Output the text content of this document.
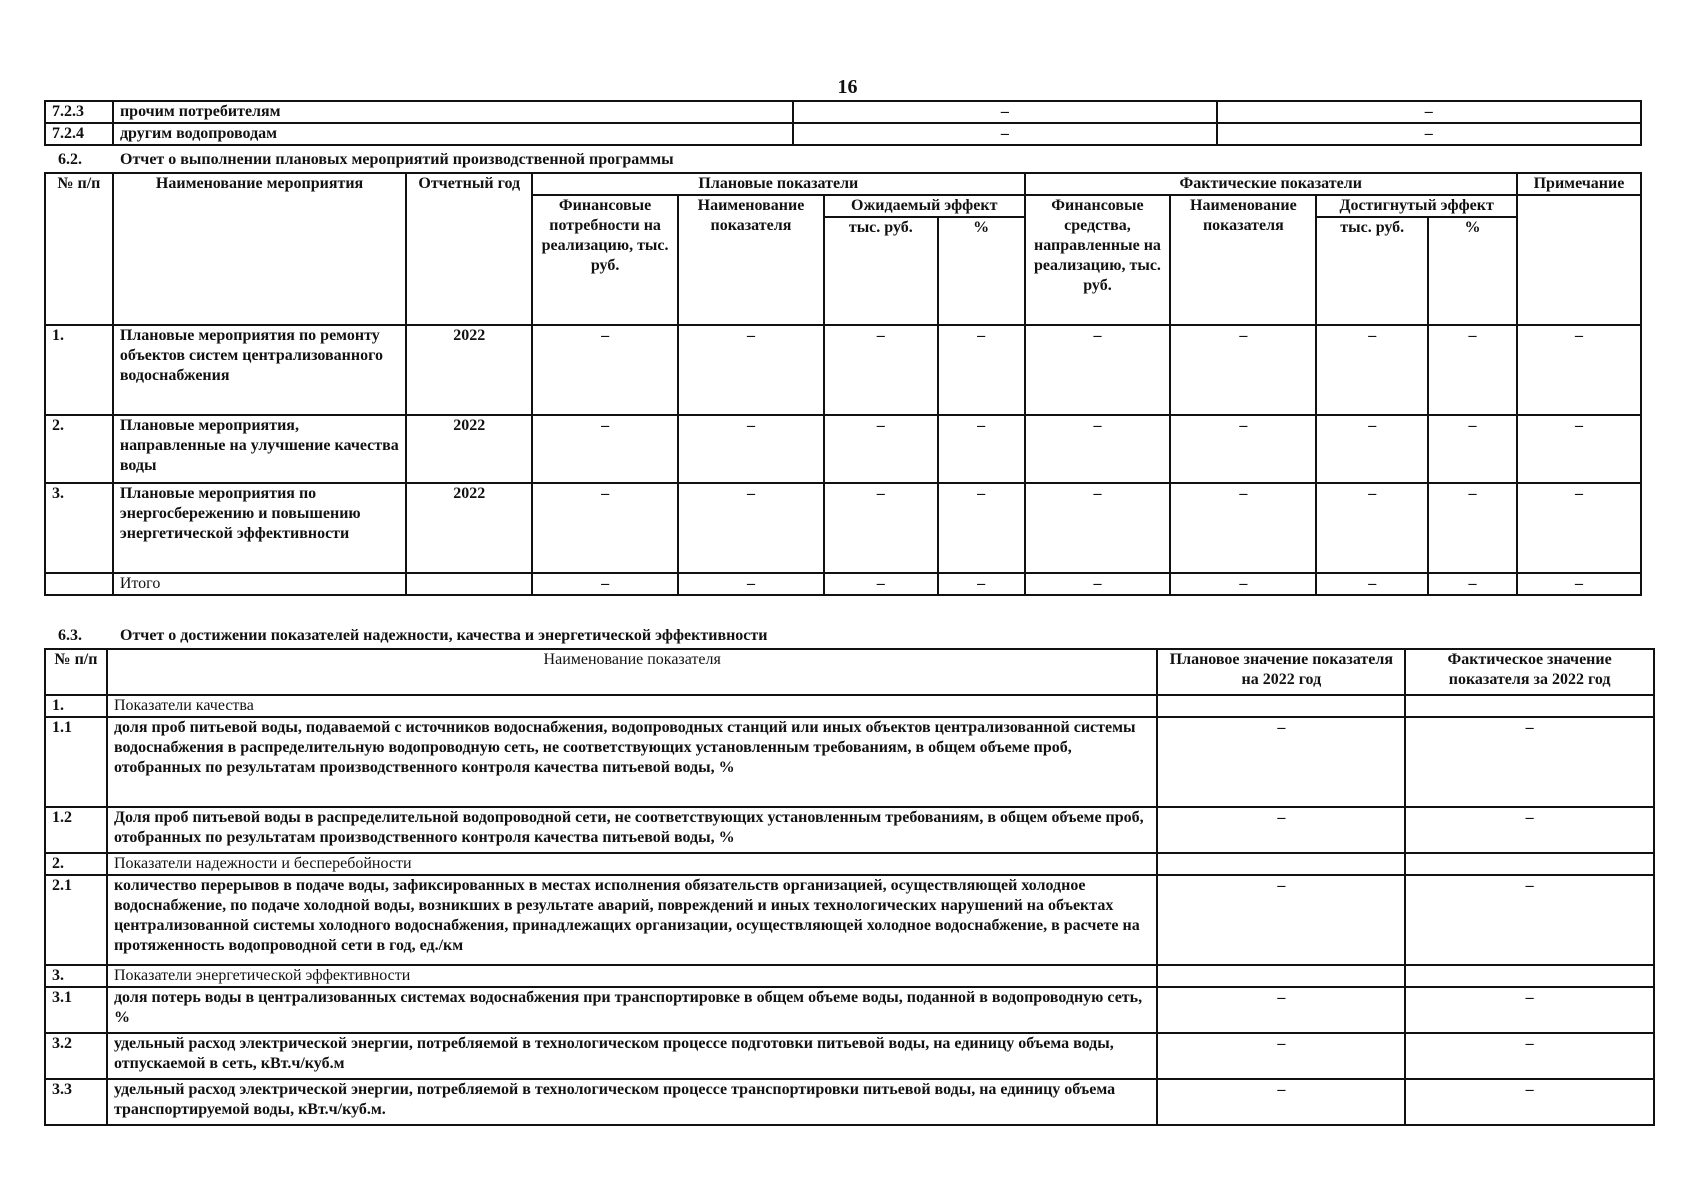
16
7.2.3	прочим потребителям	–	–
7.2.4	другим водопроводам	–	–
6.2. Отчет о выполнении плановых мероприятий производственной программы
№ п/п	Наименование мероприятия	Отчетный год	Плановые показатели				Фактические показатели				Примечание
			Финансовые потребности на реализацию, тыс. руб.	Наименование показателя	Ожидаемый эффект		Финансовые средства, направленные на реализацию, тыс. руб.	Наименование показателя	Достигнутый эффект		
					тыс. руб.	%			тыс. руб.	%	
1.	Плановые мероприятия по ремонту объектов систем централизованного водоснабжения	2022	–	–	–	–	–	–	–	–	–
2.	Плановые мероприятия, направленные на улучшение качества воды	2022	–	–	–	–	–	–	–	–	–
3.	Плановые мероприятия по энергосбережению и повышению энергетической эффективности	2022	–	–	–	–	–	–	–	–	–
	Итого		–	–	–	–	–	–	–	–	–
6.3. Отчет о достижении показателей надежности, качества и энергетической эффективности
№ п/п	Наименование показателя	Плановое значение показателя на 2022 год	Фактическое значение показателя за 2022 год
1.	Показатели качества		
1.1	доля проб питьевой воды, подаваемой с источников водоснабжения, водопроводных станций или иных объектов централизованной системы водоснабжения в распределительную водопроводную сеть, не соответствующих установленным требованиям, в общем объеме проб, отобранных по результатам производственного контроля качества питьевой воды, %	–	–
1.2	Доля проб питьевой воды в распределительной водопроводной сети, не соответствующих установленным требованиям, в общем объеме проб, отобранных по результатам производственного контроля качества питьевой воды, %	–	–
2.	Показатели надежности и бесперебойности		
2.1	количество перерывов в подаче воды, зафиксированных в местах исполнения обязательств организацией, осуществляющей холодное водоснабжение, по подаче холодной воды, возникших в результате аварий, повреждений и иных технологических нарушений на объектах централизованной системы холодного водоснабжения, принадлежащих организации, осуществляющей холодное водоснабжение, в расчете на протяженность водопроводной сети в год, ед./км	–	–
3.	Показатели энергетической эффективности		
3.1	доля потерь воды в централизованных системах водоснабжения при транспортировке в общем объеме воды, поданной в водопроводную сеть, %	–	–
3.2	удельный расход электрической энергии, потребляемой в технологическом процессе подготовки питьевой воды, на единицу объема воды, отпускаемой в сеть, кВт.ч/куб.м	–	–
3.3	удельный расход электрической энергии, потребляемой в технологическом процессе транспортировки питьевой воды, на единицу объема транспортируемой воды, кВт.ч/куб.м.	–	–
